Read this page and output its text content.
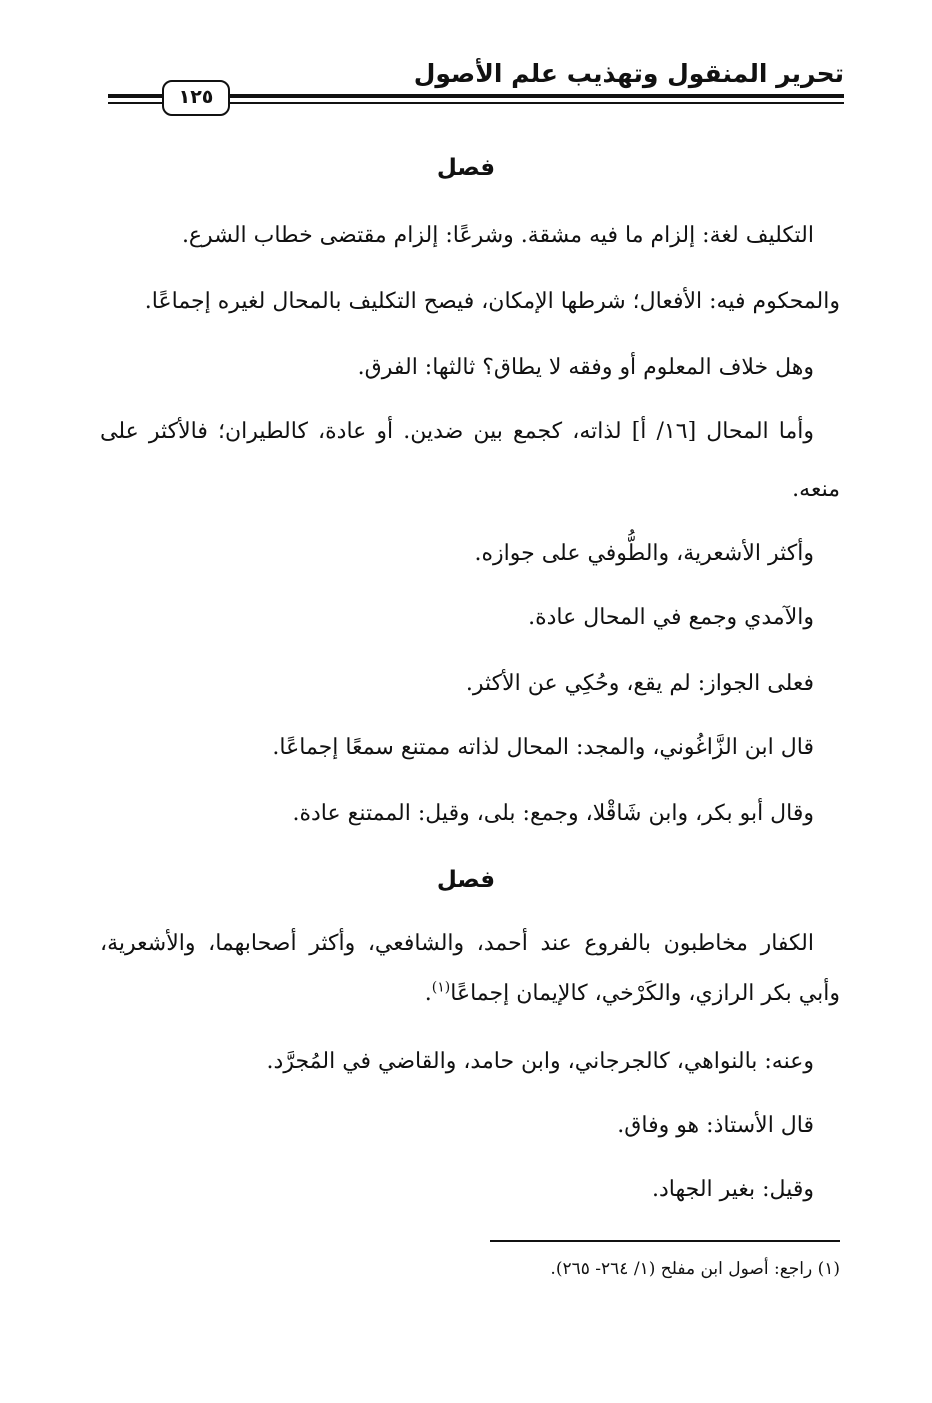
تحرير المنقول وتهذيب علم الأصول
١٢٥
فصل
التكليف لغة: إلزام ما فيه مشقة. وشرعًا: إلزام مقتضى خطاب الشرع.
والمحكوم فيه: الأفعال؛ شرطها الإمكان، فيصح التكليف بالمحال لغيره إجماعًا.
وهل خلاف المعلوم أو وفقه لا يطاق؟ ثالثها: الفرق.
وأما المحال [١٦/ أ] لذاته، كجمع بين ضدين. أو عادة، كالطيران؛ فالأكثر على
منعه.
وأكثر الأشعرية، والطُّوفي على جوازه.
والآمدي وجمع في المحال عادة.
فعلى الجواز: لم يقع، وحُكِي عن الأكثر.
قال ابن الزَّاغُوني، والمجد: المحال لذاته ممتنع سمعًا إجماعًا.
وقال أبو بكر، وابن شَاقْلا، وجمع: بلى، وقيل: الممتنع عادة.
فصل
الكفار مخاطبون بالفروع عند أحمد، والشافعي، وأكثر أصحابهما، والأشعرية،
وأبي بكر الرازي، والكَرْخي، كالإيمان إجماعًا$^{(١)}$.
وعنه: بالنواهي، كالجرجاني، وابن حامد، والقاضي في المُجرَّد.
قال الأستاذ: هو وفاق.
وقيل: بغير الجهاد.
(١) راجع: أصول ابن مفلح (١/ ٢٦٤- ٢٦٥).
